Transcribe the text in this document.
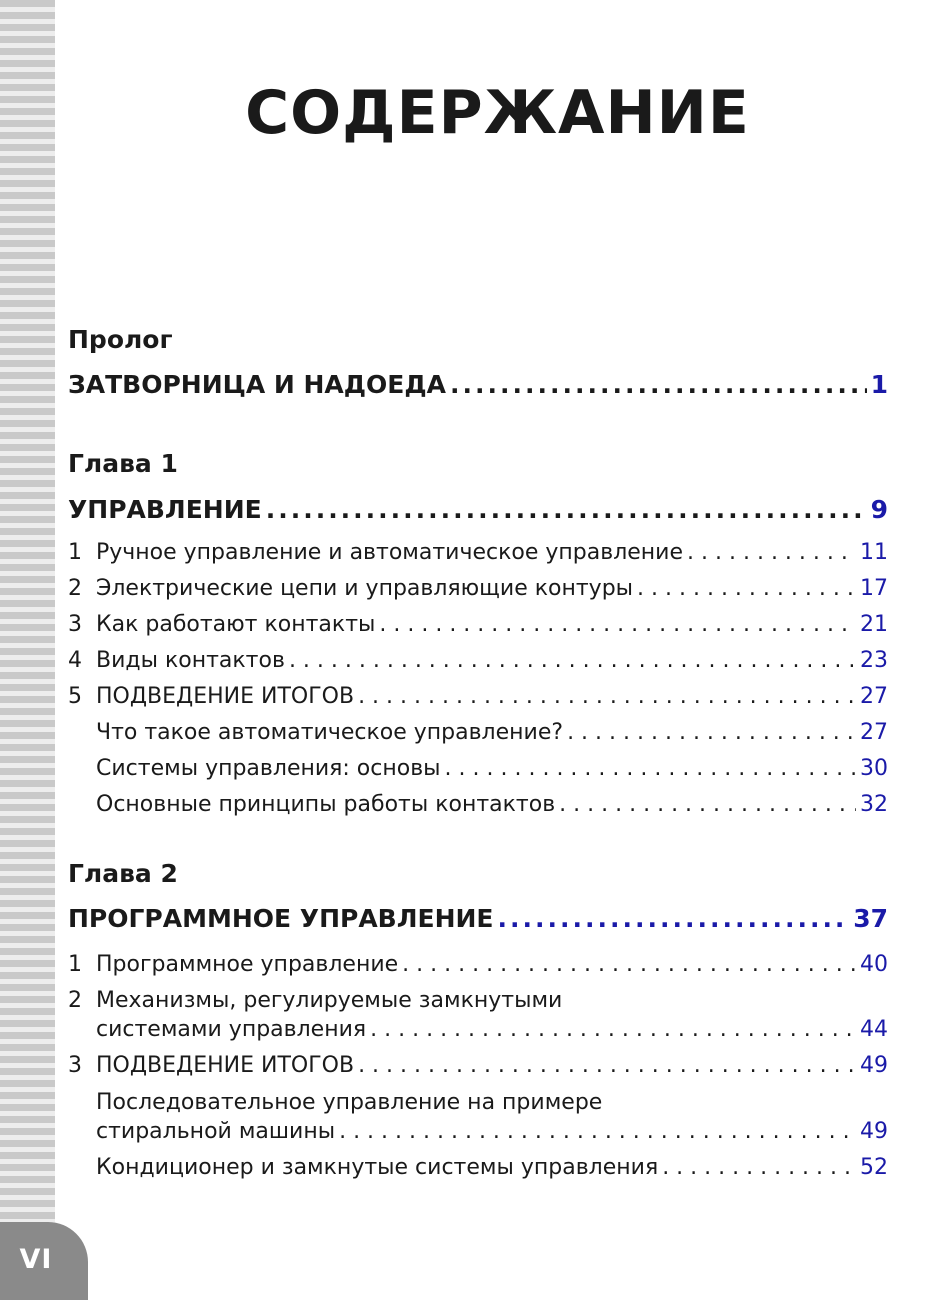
VI
СОДЕРЖАНИЕ
Пролог
ЗАТВОРНИЦА И НАДОЕДА .....	1
Глава 1
УПРАВЛЕНИЕ .....	9
1 Ручное управление и автоматическое управление . . .	11
2 Электрические цепи и управляющие контуры . . .	17
3 Как работают контакты . . .	21
4 Виды контактов . . .	23
5 ПОДВЕДЕНИЕ ИТОГОВ . . .	27
Что такое автоматическое управление? . . .	27
Системы управления: основы . . .	30
Основные принципы работы контактов . . .	32
Глава 2
ПРОГРАММНОЕ УПРАВЛЕНИЕ .....	37
1 Программное управление . . .	40
2 Механизмы, регулируемые замкнутыми
системами управления . . .	44
3 ПОДВЕДЕНИЕ ИТОГОВ . . .	49
Последовательное управление на примере
стиральной машины . . .	49
Кондиционер и замкнутые системы управления . . .	52
